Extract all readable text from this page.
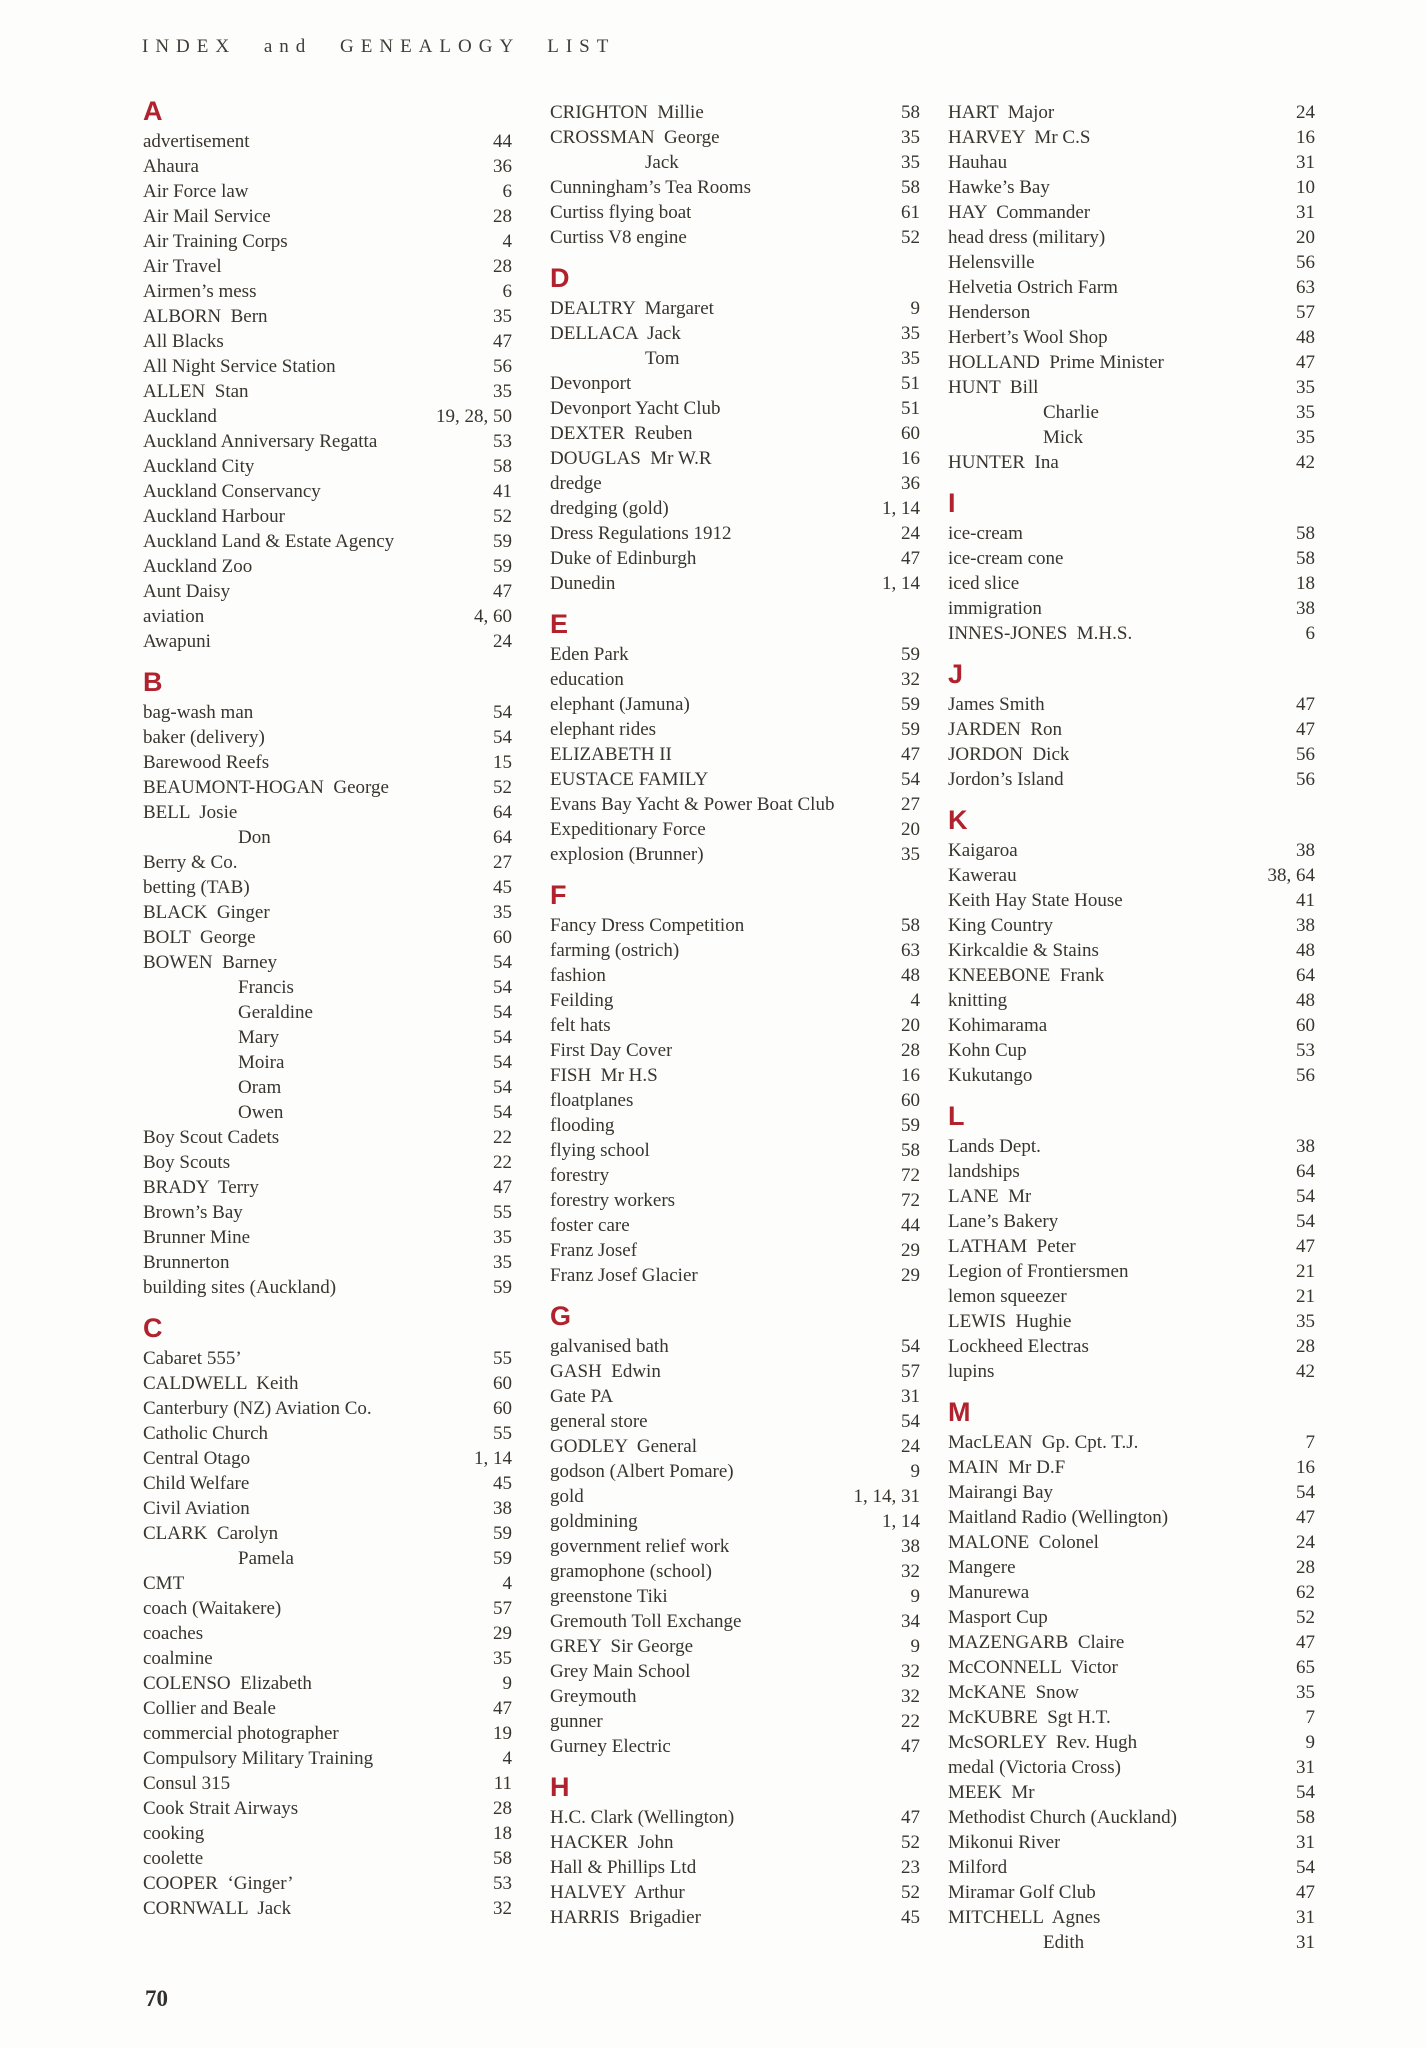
INDEX and GENEALOGY LIST
A
advertisement	44
Ahaura	36
Air Force law	6
Air Mail Service	28
Air Training Corps	4
Air Travel	28
Airmen’s mess	6
ALBORN  Bern	35
All Blacks	47
All Night Service Station	56
ALLEN  Stan	35
Auckland	19, 28, 50
Auckland Anniversary Regatta	53
Auckland City	58
Auckland Conservancy	41
Auckland Harbour	52
Auckland Land & Estate Agency	59
Auckland Zoo	59
Aunt Daisy	47
aviation	4, 60
Awapuni	24
B
bag-wash man	54
baker (delivery)	54
Barewood Reefs	15
BEAUMONT-HOGAN  George	52
BELL  Josie	64
Don	64
Berry & Co.	27
betting (TAB)	45
BLACK  Ginger	35
BOLT  George	60
BOWEN  Barney	54
Francis	54
Geraldine	54
Mary	54
Moira	54
Oram	54
Owen	54
Boy Scout Cadets	22
Boy Scouts	22
BRADY  Terry	47
Brown’s Bay	55
Brunner Mine	35
Brunnerton	35
building sites (Auckland)	59
C
Cabaret 555’	55
CALDWELL  Keith	60
Canterbury (NZ) Aviation Co.	60
Catholic Church	55
Central Otago	1, 14
Child Welfare	45
Civil Aviation	38
CLARK  Carolyn	59
Pamela	59
CMT	4
coach (Waitakere)	57
coaches	29
coalmine	35
COLENSO  Elizabeth	9
Collier and Beale	47
commercial photographer	19
Compulsory Military Training	4
Consul 315	11
Cook Strait Airways	28
cooking	18
coolette	58
COOPER  ‘Ginger’	53
CORNWALL  Jack	32
CRIGHTON  Millie	58
CROSSMAN  George	35
Jack	35
Cunningham’s Tea Rooms	58
Curtiss flying boat	61
Curtiss V8 engine	52
D
DEALTRY  Margaret	9
DELLACA  Jack	35
Tom	35
Devonport	51
Devonport Yacht Club	51
DEXTER  Reuben	60
DOUGLAS  Mr W.R	16
dredge	36
dredging (gold)	1, 14
Dress Regulations 1912	24
Duke of Edinburgh	47
Dunedin	1, 14
E
Eden Park	59
education	32
elephant (Jamuna)	59
elephant rides	59
ELIZABETH II	47
EUSTACE FAMILY	54
Evans Bay Yacht & Power Boat Club	27
Expeditionary Force	20
explosion (Brunner)	35
F
Fancy Dress Competition	58
farming (ostrich)	63
fashion	48
Feilding	4
felt hats	20
First Day Cover	28
FISH  Mr H.S	16
floatplanes	60
flooding	59
flying school	58
forestry	72
forestry workers	72
foster care	44
Franz Josef	29
Franz Josef Glacier	29
G
galvanised bath	54
GASH  Edwin	57
Gate PA	31
general store	54
GODLEY  General	24
godson (Albert Pomare)	9
gold	1, 14, 31
goldmining	1, 14
government relief work	38
gramophone (school)	32
greenstone Tiki	9
Gremouth Toll Exchange	34
GREY  Sir George	9
Grey Main School	32
Greymouth	32
gunner	22
Gurney Electric	47
H
H.C. Clark (Wellington)	47
HACKER  John	52
Hall & Phillips Ltd	23
HALVEY  Arthur	52
HARRIS  Brigadier	45
HART  Major	24
HARVEY  Mr C.S	16
Hauhau	31
Hawke’s Bay	10
HAY  Commander	31
head dress (military)	20
Helensville	56
Helvetia Ostrich Farm	63
Henderson	57
Herbert’s Wool Shop	48
HOLLAND  Prime Minister	47
HUNT  Bill	35
Charlie	35
Mick	35
HUNTER  Ina	42
I
ice-cream	58
ice-cream cone	58
iced slice	18
immigration	38
INNES-JONES  M.H.S.	6
J
James Smith	47
JARDEN  Ron	47
JORDON  Dick	56
Jordon’s Island	56
K
Kaigaroa	38
Kawerau	38, 64
Keith Hay State House	41
King Country	38
Kirkcaldie & Stains	48
KNEEBONE  Frank	64
knitting	48
Kohimarama	60
Kohn Cup	53
Kukutango	56
L
Lands Dept.	38
landships	64
LANE  Mr	54
Lane’s Bakery	54
LATHAM  Peter	47
Legion of Frontiersmen	21
lemon squeezer	21
LEWIS  Hughie	35
Lockheed Electras	28
lupins	42
M
MacLEAN  Gp. Cpt. T.J.	7
MAIN  Mr D.F	16
Mairangi Bay	54
Maitland Radio (Wellington)	47
MALONE  Colonel	24
Mangere	28
Manurewa	62
Masport Cup	52
MAZENGARB  Claire	47
McCONNELL  Victor	65
McKANE  Snow	35
McKUBRE  Sgt H.T.	7
McSORLEY  Rev. Hugh	9
medal (Victoria Cross)	31
MEEK  Mr	54
Methodist Church (Auckland)	58
Mikonui River	31
Milford	54
Miramar Golf Club	47
MITCHELL  Agnes	31
Edith	31
70
